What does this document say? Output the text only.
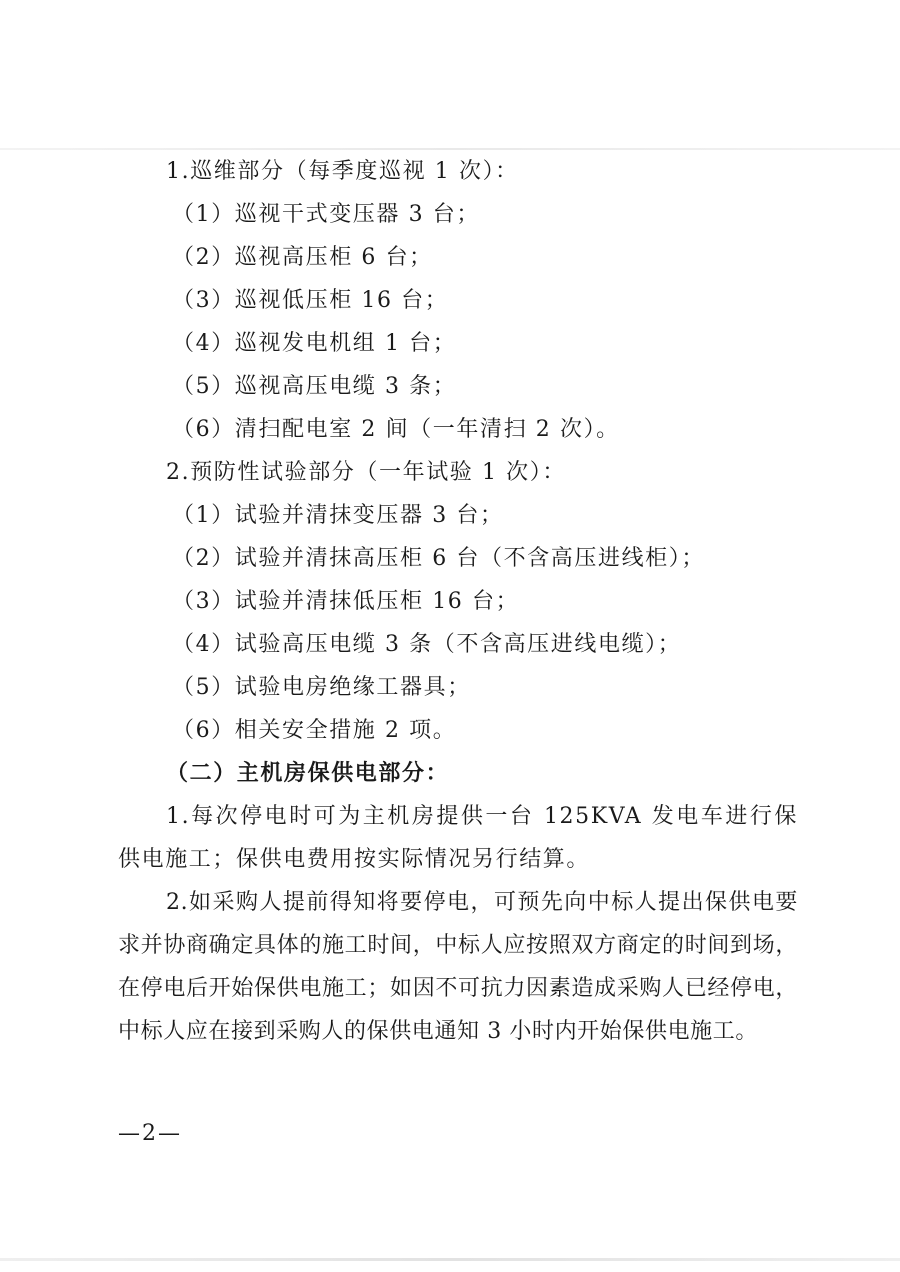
1.巡维部分（每季度巡视 1 次）：
（1）巡视干式变压器 3 台；
（2）巡视高压柜 6 台；
（3）巡视低压柜 16 台；
（4）巡视发电机组 1 台；
（5）巡视高压电缆 3 条；
（6）清扫配电室 2 间（一年清扫 2 次）。
2.预防性试验部分（一年试验 1 次）：
（1）试验并清抹变压器 3 台；
（2）试验并清抹高压柜 6 台（不含高压进线柜）；
（3）试验并清抹低压柜 16 台；
（4）试验高压电缆 3 条（不含高压进线电缆）；
（5）试验电房绝缘工器具；
（6）相关安全措施 2 项。
（二）主机房保供电部分：

1.每次停电时可为主机房提供一台 125KVA 发电车进行保供电施工；保供电费用按实际情况另行结算。

2.如采购人提前得知将要停电，可预先向中标人提出保供电要求并协商确定具体的施工时间，中标人应按照双方商定的时间到场，在停电后开始保供电施工；如因不可抗力因素造成采购人已经停电，中标人应在接到采购人的保供电通知 3 小时内开始保供电施工。

—2—
